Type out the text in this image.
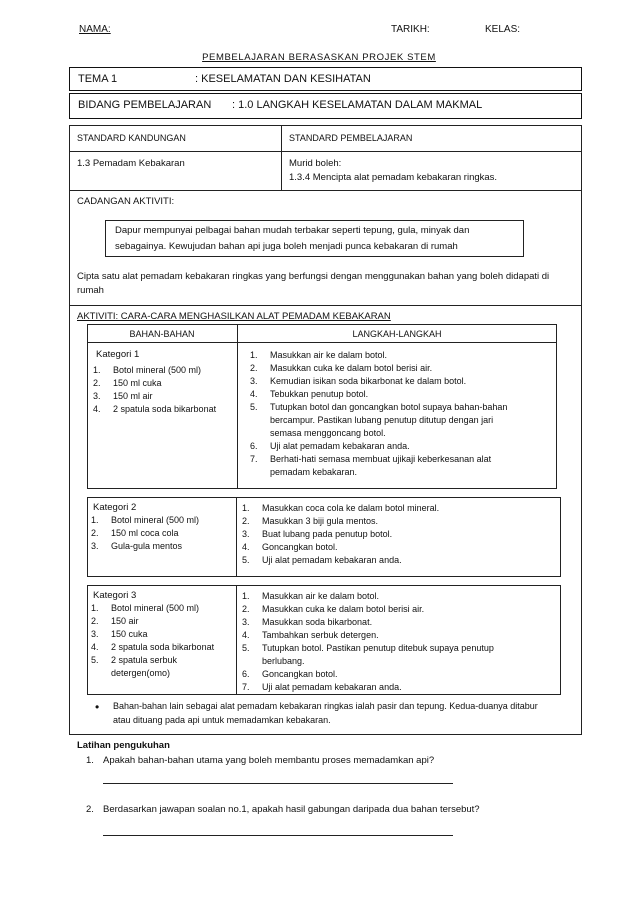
NAMA:	TARIKH:	KELAS:
PEMBELAJARAN BERASASKAN PROJEK STEM
TEMA 1	: KESELAMATAN DAN KESIHATAN
BIDANG PEMBELAJARAN : 1.0 LANGKAH KESELAMATAN DALAM MAKMAL
STANDARD KANDUNGAN	STANDARD PEMBELAJARAN
1.3 Pemadam Kebakaran	Murid boleh:
1.3.4 Mencipta alat pemadam kebakaran ringkas.
CADANGAN AKTIVITI:
Dapur mempunyai pelbagai bahan mudah terbakar seperti tepung, gula, minyak dan
sebagainya. Kewujudan bahan api juga boleh menjadi punca kebakaran di rumah
Cipta satu alat pemadam kebakaran ringkas yang berfungsi dengan menggunakan bahan yang boleh didapati di
rumah
AKTIVITI: CARA-CARA MENGHASILKAN ALAT PEMADAM KEBAKARAN
BAHAN-BAHAN	LANGKAH-LANGKAH
Kategori 1
1. Botol mineral (500 ml)
2. 150 ml cuka
3. 150 ml air
4. 2 spatula soda bikarbonat
1. Masukkan air ke dalam botol.
2. Masukkan cuka ke dalam botol berisi air.
3. Kemudian isikan soda bikarbonat ke dalam botol.
4. Tebukkan penutup botol.
5. Tutupkan botol dan goncangkan botol supaya bahan-bahan
bercampur. Pastikan lubang penutup ditutup dengan jari
semasa menggoncang botol.
6. Uji alat pemadam kebakaran anda.
7. Berhati-hati semasa membuat ujikaji keberkesanan alat
pemadam kebakaran.
Kategori 2
1. Botol mineral (500 ml)
2. 150 ml coca cola
3. Gula-gula mentos
1. Masukkan coca cola ke dalam botol mineral.
2. Masukkan 3 biji gula mentos.
3. Buat lubang pada penutup botol.
4. Goncangkan botol.
5. Uji alat pemadam kebakaran anda.
Kategori 3
1. Botol mineral (500 ml)
2. 150 air
3. 150 cuka
4. 2 spatula soda bikarbonat
5. 2 spatula serbuk
detergen(omo)
1. Masukkan air ke dalam botol.
2. Masukkan cuka ke dalam botol berisi air.
3. Masukkan soda bikarbonat.
4. Tambahkan serbuk detergen.
5. Tutupkan botol. Pastikan penutup ditebuk supaya penutup
berlubang.
6. Goncangkan botol.
7. Uji alat pemadam kebakaran anda.
• Bahan-bahan lain sebagai alat pemadam kebakaran ringkas ialah pasir dan tepung. Kedua-duanya ditabur
atau dituang pada api untuk memadamkan kebakaran.
Latihan pengukuhan
1. Apakah bahan-bahan utama yang boleh membantu proses memadamkan api?
2. Berdasarkan jawapan soalan no.1, apakah hasil gabungan daripada dua bahan tersebut?
